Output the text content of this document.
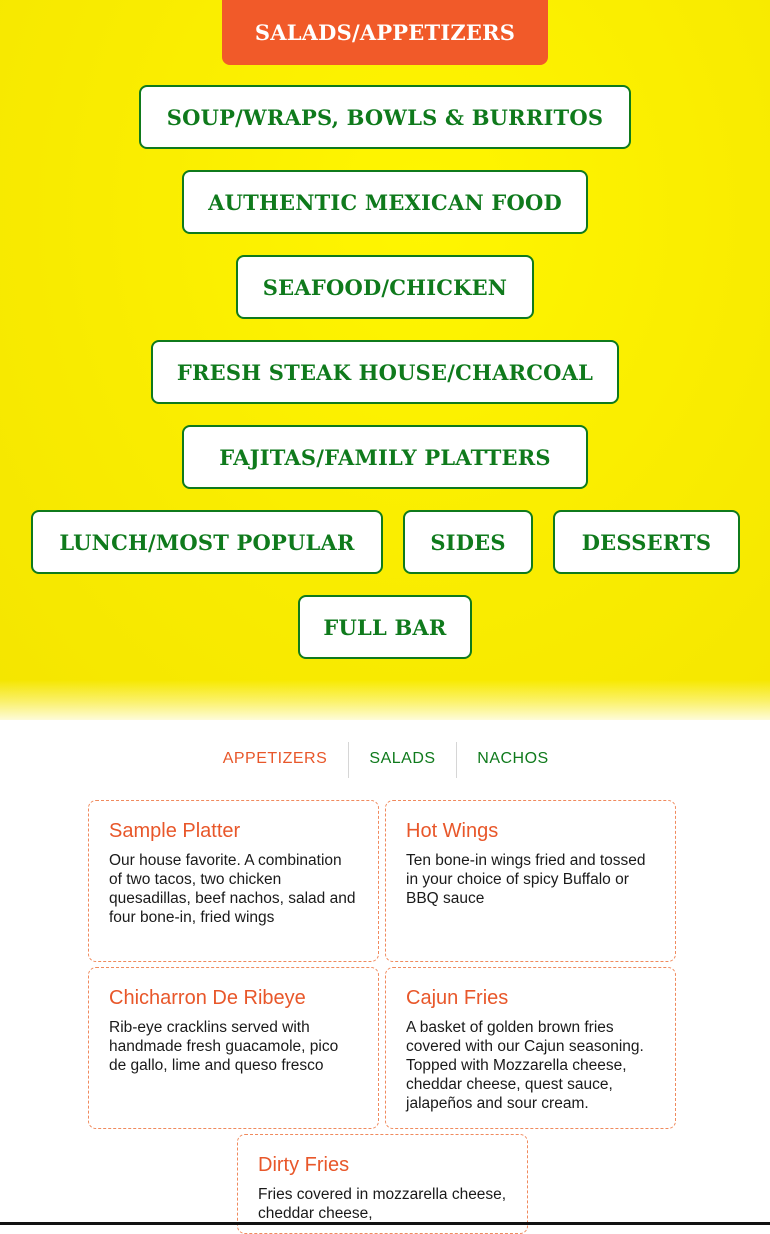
SALADS/APPETIZERS
SOUP/WRAPS, BOWLS & BURRITOS
AUTHENTIC MEXICAN FOOD
SEAFOOD/CHICKEN
FRESH STEAK HOUSE/CHARCOAL
FAJITAS/FAMILY PLATTERS
LUNCH/MOST POPULAR	SIDES	DESSERTS
FULL BAR
APPETIZERS	SALADS	NACHOS
Sample Platter

Our house favorite. A combination of two tacos, two chicken quesadillas, beef nachos, salad and four bone-in, fried wings

Hot Wings

Ten bone-in wings fried and tossed in your choice of spicy Buffalo or BBQ sauce

Chicharron De Ribeye

Rib-eye cracklins served with handmade fresh guacamole, pico de gallo, lime and queso fresco

Cajun Fries

A basket of golden brown fries covered with our Cajun seasoning. Topped with Mozzarella cheese, cheddar cheese, quest sauce, jalapeños and sour cream.

Dirty Fries

Fries covered in mozzarella cheese, cheddar cheese,
